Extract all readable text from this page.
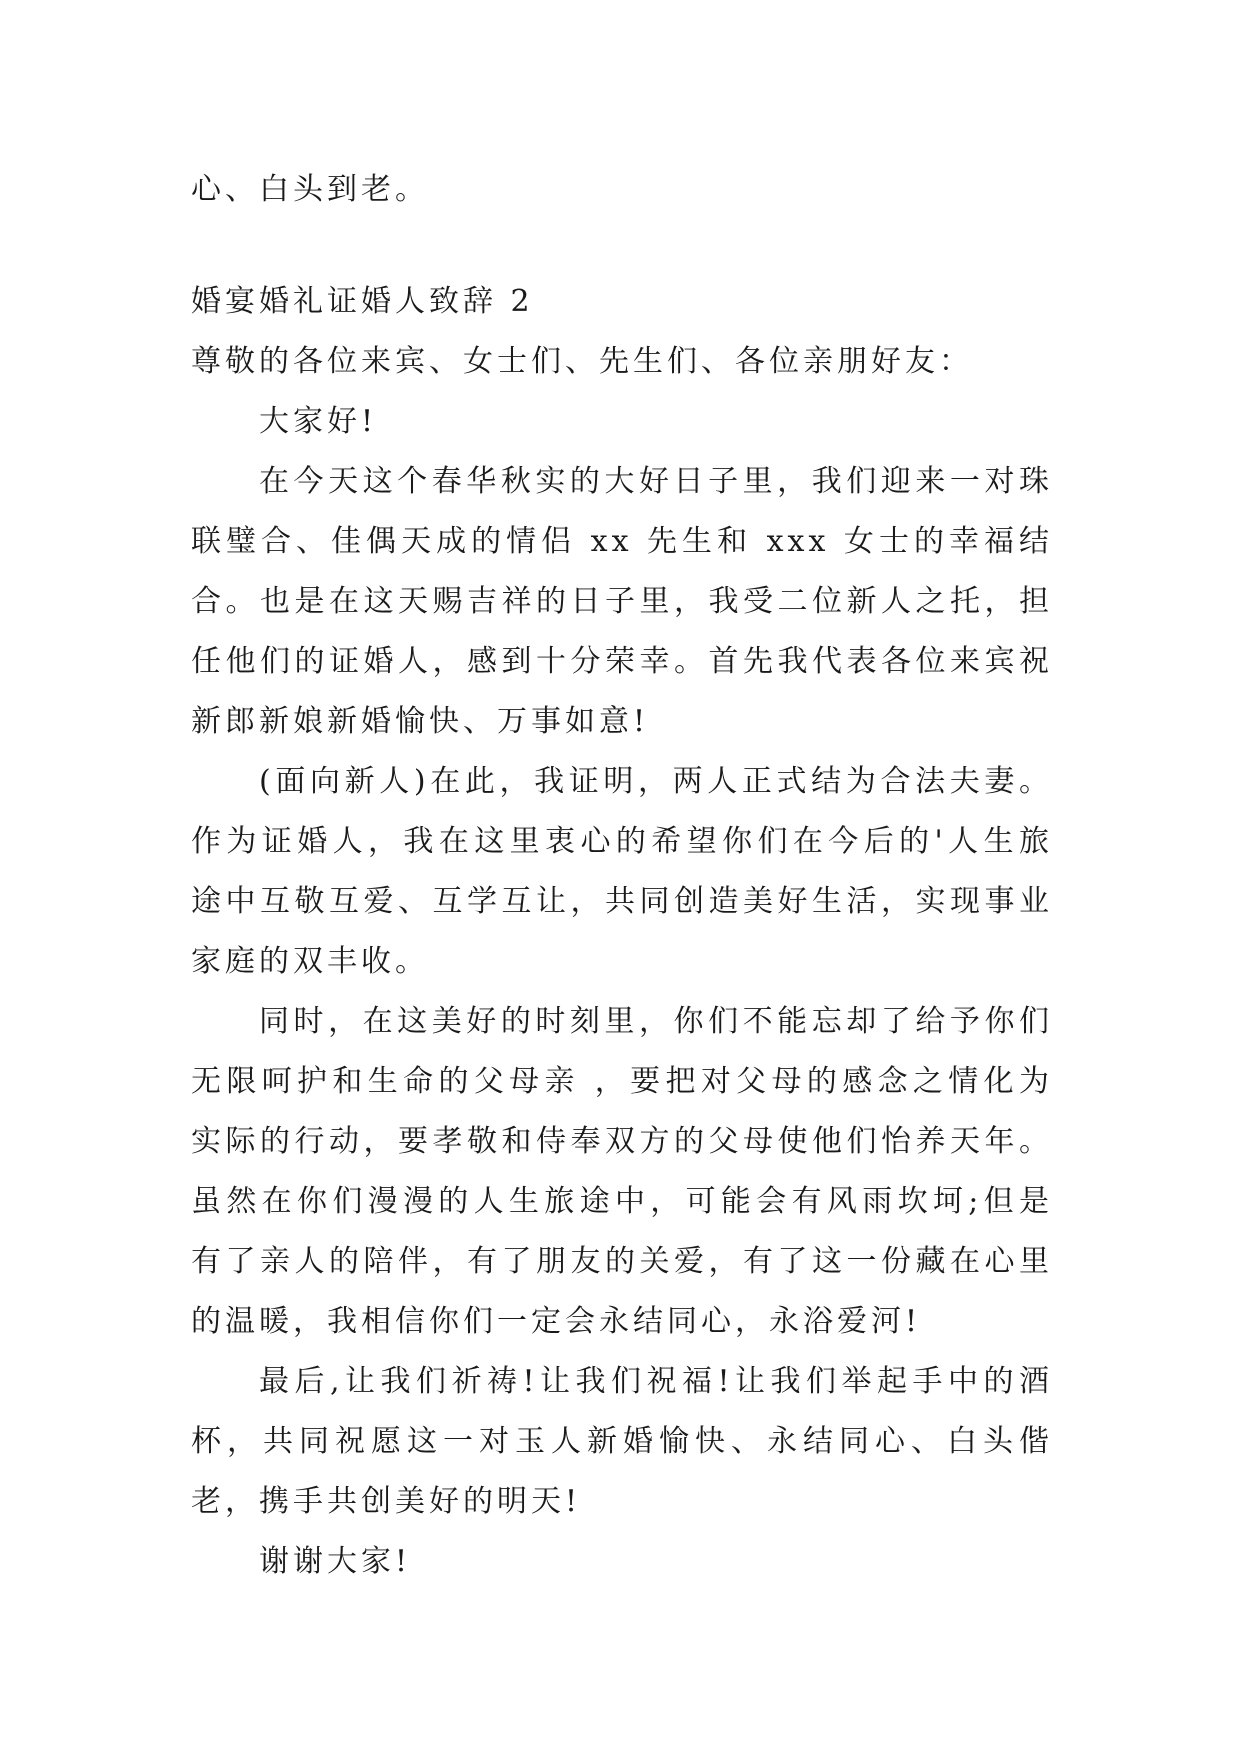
心、白头到老。

婚宴婚礼证婚人致辞 2

尊敬的各位来宾、女士们、先生们、各位亲朋好友：

大家好!

在今天这个春华秋实的大好日子里，我们迎来一对珠联璧合、佳偶天成的情侣 xx 先生和 xxx 女士的幸福结合。也是在这天赐吉祥的日子里，我受二位新人之托，担任他们的证婚人，感到十分荣幸。首先我代表各位来宾祝新郎新娘新婚愉快、万事如意!

(面向新人)在此，我证明，两人正式结为合法夫妻。作为证婚人，我在这里衷心的希望你们在今后的'人生旅途中互敬互爱、互学互让，共同创造美好生活，实现事业家庭的双丰收。

同时，在这美好的时刻里，你们不能忘却了给予你们无限呵护和生命的父母亲 ，要把对父母的感念之情化为实际的行动，要孝敬和侍奉双方的父母使他们怡养天年。虽然在你们漫漫的人生旅途中，可能会有风雨坎坷;但是有了亲人的陪伴，有了朋友的关爱，有了这一份藏在心里的温暖，我相信你们一定会永结同心，永浴爱河!

最后,让我们祈祷!让我们祝福!让我们举起手中的酒杯，共同祝愿这一对玉人新婚愉快、永结同心、白头偕老，携手共创美好的明天!

谢谢大家!
